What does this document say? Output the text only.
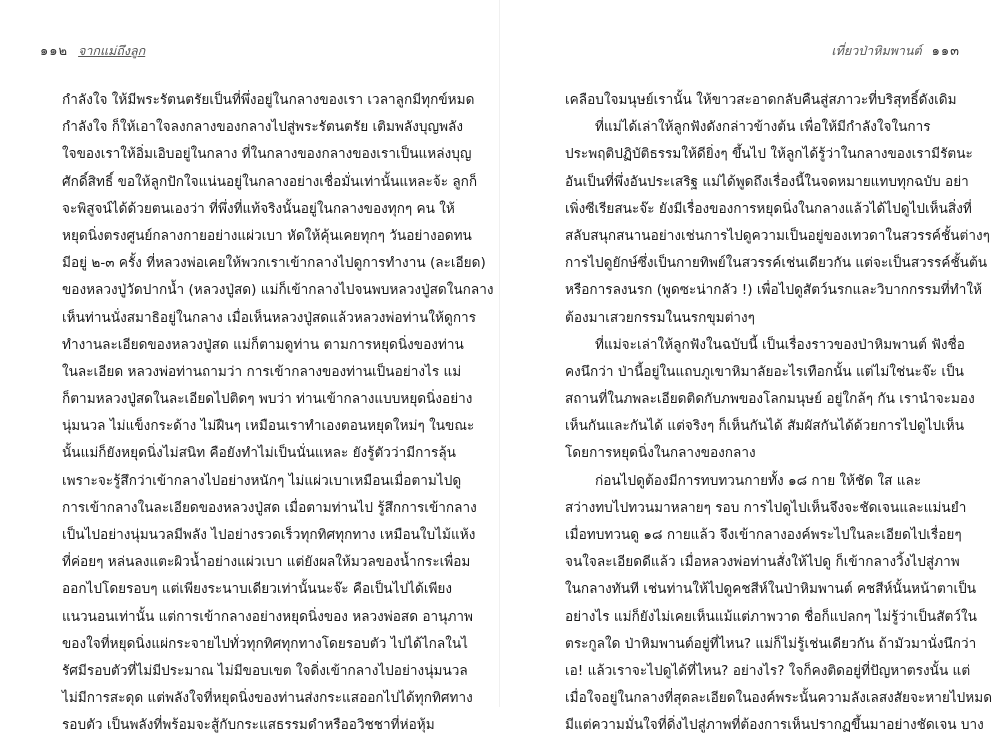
๑๑๒ จากแม่ถึงลูก
กำลังใจ ให้มีพระรัตนตรัยเป็นที่พึ่งอยู่ในกลางของเรา เวลาลูกมีทุกข์หมด
กำลังใจ ก็ให้เอาใจลงกลางของกลางไปสู่พระรัตนตรัย เติมพลังบุญพลัง
ใจของเราให้อิ่มเอิบอยู่ในกลาง ที่ในกลางของกลางของเราเป็นแหล่งบุญ
ศักดิ์สิทธิ์ ขอให้ลูกปักใจแน่นอยู่ในกลางอย่างเชื่อมั่นเท่านั้นแหละจ้ะ ลูกก็
จะพิสูจน์ได้ด้วยตนเองว่า ที่พึ่งที่แท้จริงนั้นอยู่ในกลางของทุกๆ คน ให้
หยุดนิ่งตรงศูนย์กลางกายอย่างแผ่วเบา หัดให้คุ้นเคยทุกๆ วันอย่างอดทน
มีอยู่ ๒-๓ ครั้ง ที่หลวงพ่อเคยให้พวกเราเข้ากลางไปดูการทำงาน (ละเอียด)
ของหลวงปู่วัดปากน้ำ (หลวงปู่สด) แม่ก็เข้ากลางไปจนพบหลวงปู่สดในกลาง
เห็นท่านนั่งสมาธิอยู่ในกลาง เมื่อเห็นหลวงปู่สดแล้วหลวงพ่อท่านให้ดูการ
ทำงานละเอียดของหลวงปู่สด แม่ก็ตามดูท่าน ตามการหยุดนิ่งของท่าน
ในละเอียด หลวงพ่อท่านถามว่า การเข้ากลางของท่านเป็นอย่างไร แม่
ก็ตามหลวงปู่สดในละเอียดไปติดๆ พบว่า ท่านเข้ากลางแบบหยุดนิ่งอย่าง
นุ่มนวล ไม่แข็งกระด้าง ไม่ฝืนๆ เหมือนเราทำเองตอนหยุดใหม่ๆ ในขณะ
นั้นแม่ก็ยังหยุดนิ่งไม่สนิท คือยังทำไม่เป็นนั่นแหละ ยังรู้ตัวว่ามีการลุ้น
เพราะจะรู้สึกว่าเข้ากลางไปอย่างหนักๆ ไม่แผ่วเบาเหมือนเมื่อตามไปดู
การเข้ากลางในละเอียดของหลวงปู่สด เมื่อตามท่านไป รู้สึกการเข้ากลาง
เป็นไปอย่างนุ่มนวลมีพลัง ไปอย่างรวดเร็วทุกทิศทุกทาง เหมือนใบไม้แห้ง
ที่ค่อยๆ หล่นลงแตะผิวน้ำอย่างแผ่วเบา แต่ยังผลให้มวลของน้ำกระเพื่อม
ออกไปโดยรอบๆ แต่เพียงระนาบเดียวเท่านั้นนะจ๊ะ คือเป็นไปได้เพียง
แนวนอนเท่านั้น แต่การเข้ากลางอย่างหยุดนิ่งของ หลวงพ่อสด อานุภาพ
ของใจที่หยุดนิ่งแผ่กระจายไปทั่วทุกทิศทุกทางโดยรอบตัว ไปได้ไกลในไ
รัศมีรอบตัวที่ไม่มีประมาณ ไม่มีขอบเขต ใจดิ่งเข้ากลางไปอย่างนุ่มนวล
ไม่มีการสะดุด แต่พลังใจที่หยุดนิ่งของท่านส่งกระแสออกไปได้ทุกทิศทาง
รอบตัว เป็นพลังที่พร้อมจะสู้กับกระแสธรรมดำหรืออวิชชาที่ห่อหุ้ม
เที่ยวป่าหิมพานต์ ๑๑๓
เคลือบใจมนุษย์เรานั้น ให้ขาวสะอาดกลับคืนสู่สภาวะที่บริสุทธิ์ดังเดิม
ที่แม่ได้เล่าให้ลูกฟังดังกล่าวข้างต้น เพื่อให้มีกำลังใจในการ
ประพฤติปฏิบัติธรรมให้ดียิ่งๆ ขึ้นไป ให้ลูกได้รู้ว่าในกลางของเรามีรัตนะ
อันเป็นที่พึ่งอันประเสริฐ แม่ได้พูดถึงเรื่องนี้ในจดหมายแทบทุกฉบับ อย่า
เพิ่งซีเรียสนะจ๊ะ ยังมีเรื่องของการหยุดนิ่งในกลางแล้วได้ไปดูไปเห็นสิ่งที่
สลับสนุกสนานอย่างเช่นการไปดูความเป็นอยู่ของเทวดาในสวรรค์ชั้นต่างๆ
การไปดูยักษ์ซึ่งเป็นกายทิพย์ในสวรรค์เช่นเดียวกัน แต่จะเป็นสวรรค์ชั้นต้น
หรือการลงนรก (พูดซะน่ากลัว !) เพื่อไปดูสัตว์นรกและวิบากกรรมที่ทำให้
ต้องมาเสวยกรรมในนรกขุมต่างๆ
ที่แม่จะเล่าให้ลูกฟังในฉบับนี้ เป็นเรื่องราวของป่าหิมพานต์ ฟังชื่อ
คงนึกว่า ป่านี้อยู่ในแถบภูเขาหิมาลัยอะไรเทือกนั้น แต่ไม่ใช่นะจ๊ะ เป็น
สถานที่ในภพละเอียดติดกับภพของโลกมนุษย์ อยู่ใกล้ๆ กัน เรานำจะมอง
เห็นกันและกันได้ แต่จริงๆ ก็เห็นกันได้ สัมผัสกันได้ด้วยการไปดูไปเห็น
โดยการหยุดนิ่งในกลางของกลาง
ก่อนไปดูต้องมีการทบทวนกายทั้ง ๑๘ กาย ให้ชัด ใส และ
สว่างทบไปทวนมาหลายๆ รอบ การไปดูไปเห็นจึงจะชัดเจนและแม่นยำ
เมื่อทบทวนดู ๑๘ กายแล้ว จึงเข้ากลางองค์พระไปในละเอียดไปเรื่อยๆ
จนใจละเอียดดีแล้ว เมื่อหลวงพ่อท่านสั่งให้ไปดู ก็เข้ากลางวิ้งไปสู่ภาพ
ในกลางทันที เช่นท่านให้ไปดูคชสีห์ในป่าหิมพานต์ คชสีห์นั้นหน้าตาเป็น
อย่างไร แม่ก็ยังไม่เคยเห็นแม้แต่ภาพวาด ชื่อก็แปลกๆ ไม่รู้ว่าเป็นสัตว์ใน
ตระกูลใด ป่าหิมพานต์อยู่ที่ไหน? แม่ก็ไม่รู้เช่นเดียวกัน ถ้ามัวมานั่งนึกว่า
เอ! แล้วเราจะไปดูได้ที่ไหน? อย่างไร? ใจก็คงติดอยู่ที่ปัญหาตรงนั้น แต่
เมื่อใจอยู่ในกลางที่สุดละเอียดในองค์พระนั้นความลังเลสงสัยจะหายไปหมด
มีแต่ความมั่นใจที่ดิ่งไปสู่ภาพที่ต้องการเห็นปรากฏขึ้นมาอย่างชัดเจน บาง
